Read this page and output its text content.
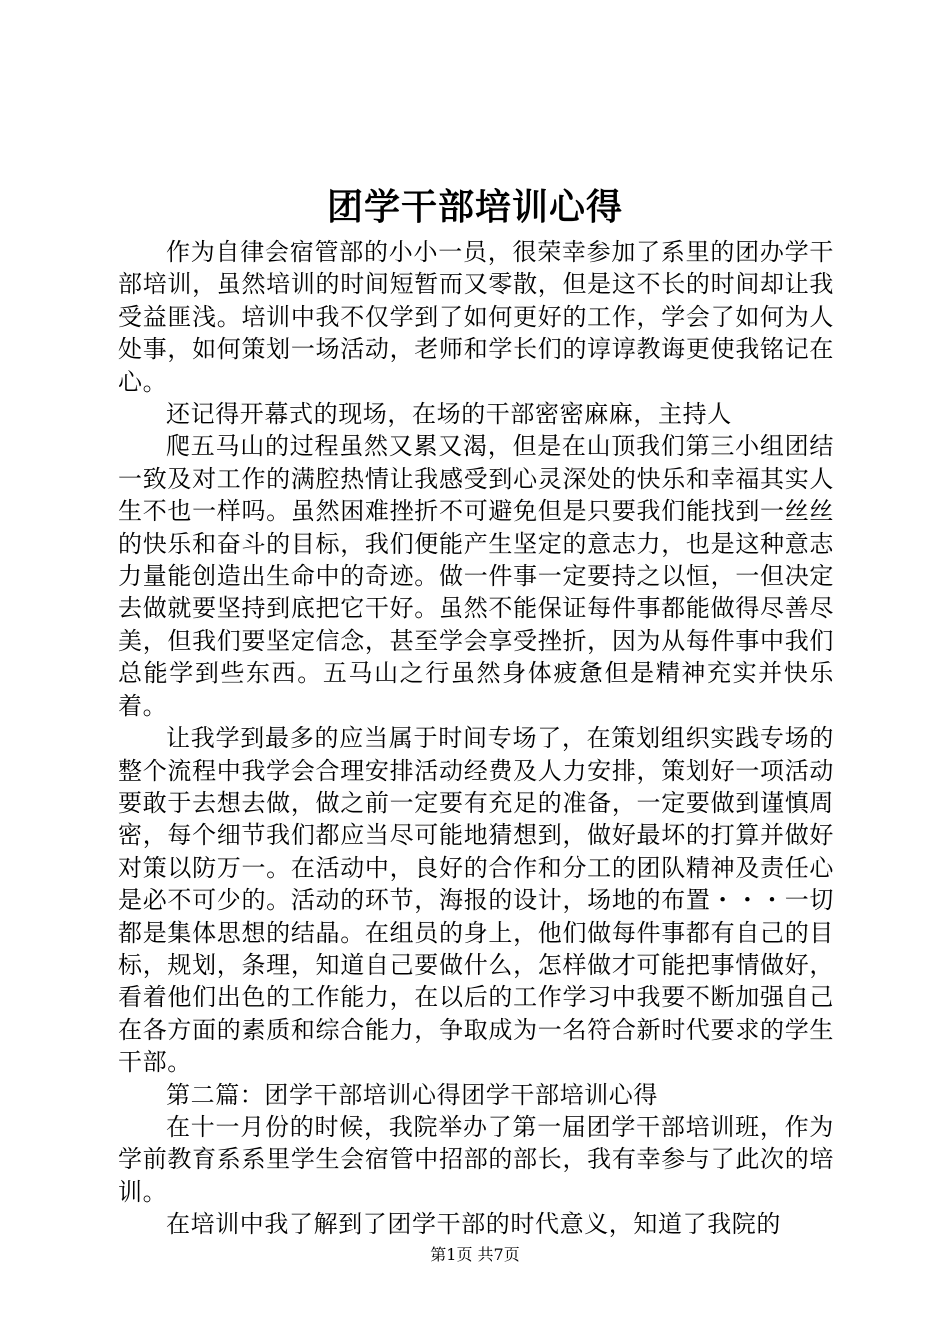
团学干部培训心得

作为自律会宿管部的小小一员，很荣幸参加了系里的团办学干部培训，虽然培训的时间短暂而又零散，但是这不长的时间却让我受益匪浅。培训中我不仅学到了如何更好的工作，学会了如何为人处事，如何策划一场活动，老师和学长们的谆谆教诲更使我铭记在心。

还记得开幕式的现场，在场的干部密密麻麻，主持人

爬五马山的过程虽然又累又渴，但是在山顶我们第三小组团结一致及对工作的满腔热情让我感受到心灵深处的快乐和幸福其实人生不也一样吗。虽然困难挫折不可避免但是只要我们能找到一丝丝的快乐和奋斗的目标，我们便能产生坚定的意志力，也是这种意志力量能创造出生命中的奇迹。做一件事一定要持之以恒，一但决定去做就要坚持到底把它干好。虽然不能保证每件事都能做得尽善尽美，但我们要坚定信念，甚至学会享受挫折，因为从每件事中我们总能学到些东西。五马山之行虽然身体疲惫但是精神充实并快乐着。

让我学到最多的应当属于时间专场了，在策划组织实践专场的整个流程中我学会合理安排活动经费及人力安排，策划好一项活动要敢于去想去做，做之前一定要有充足的准备，一定要做到谨慎周密，每个细节我们都应当尽可能地猜想到，做好最坏的打算并做好对策以防万一。在活动中，良好的合作和分工的团队精神及责任心是必不可少的。活动的环节，海报的设计，场地的布置・・・一切都是集体思想的结晶。在组员的身上，他们做每件事都有自己的目标，规划，条理，知道自己要做什么，怎样做才可能把事情做好，看着他们出色的工作能力，在以后的工作学习中我要不断加强自己在各方面的素质和综合能力，争取成为一名符合新时代要求的学生干部。

第二篇：团学干部培训心得团学干部培训心得

在十一月份的时候，我院举办了第一届团学干部培训班，作为学前教育系系里学生会宿管中招部的部长，我有幸参与了此次的培训。

在培训中我了解到了团学干部的时代意义，知道了我院的

第1页 共7页
